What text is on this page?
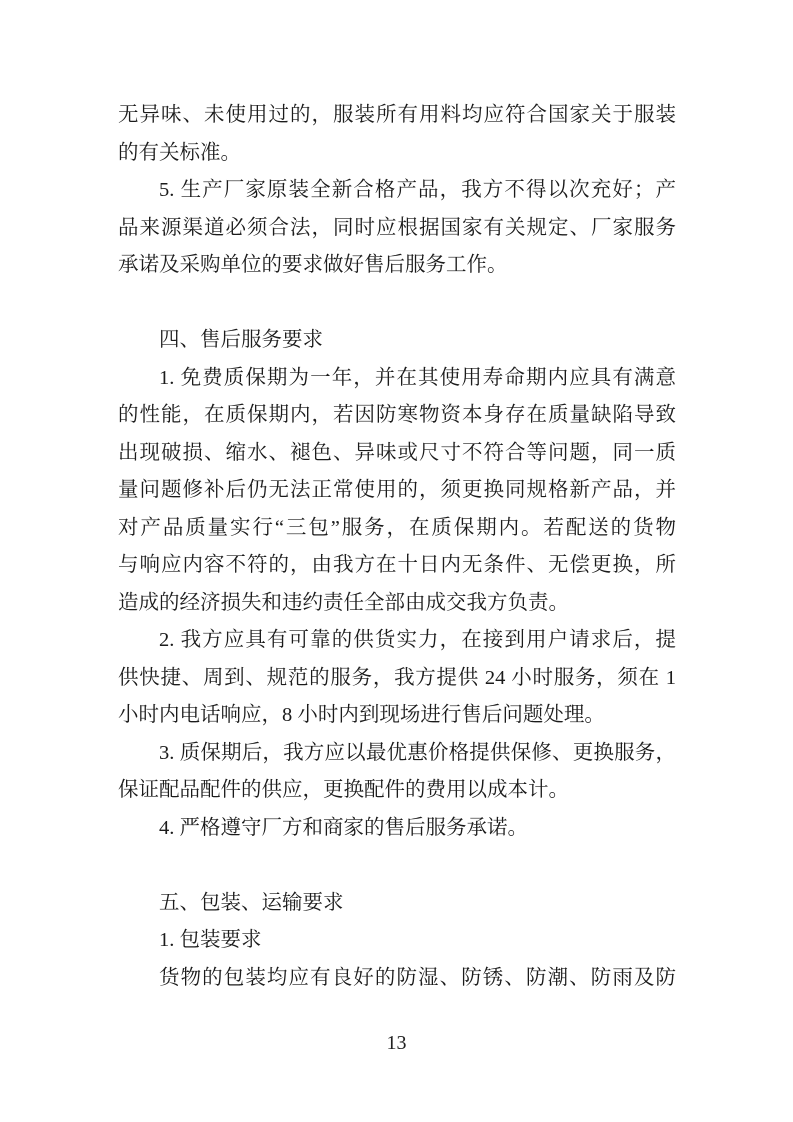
无异味、未使用过的，服装所有用料均应符合国家关于服装
的有关标准。
5. 生产厂家原装全新合格产品，我方不得以次充好；产
品来源渠道必须合法，同时应根据国家有关规定、厂家服务
承诺及采购单位的要求做好售后服务工作。
四、售后服务要求
1. 免费质保期为一年，并在其使用寿命期内应具有满意
的性能，在质保期内，若因防寒物资本身存在质量缺陷导致
出现破损、缩水、褪色、异味或尺寸不符合等问题，同一质
量问题修补后仍无法正常使用的，须更换同规格新产品，并
对产品质量实行“三包”服务，在质保期内。若配送的货物
与响应内容不符的，由我方在十日内无条件、无偿更换，所
造成的经济损失和违约责任全部由成交我方负责。
2. 我方应具有可靠的供货实力，在接到用户请求后，提
供快捷、周到、规范的服务，我方提供 24 小时服务，须在 1
小时内电话响应，8 小时内到现场进行售后问题处理。
3. 质保期后，我方应以最优惠价格提供保修、更换服务，
保证配品配件的供应，更换配件的费用以成本计。
4. 严格遵守厂方和商家的售后服务承诺。
五、包装、运输要求
1. 包装要求
货物的包装均应有良好的防湿、防锈、防潮、防雨及防
13
